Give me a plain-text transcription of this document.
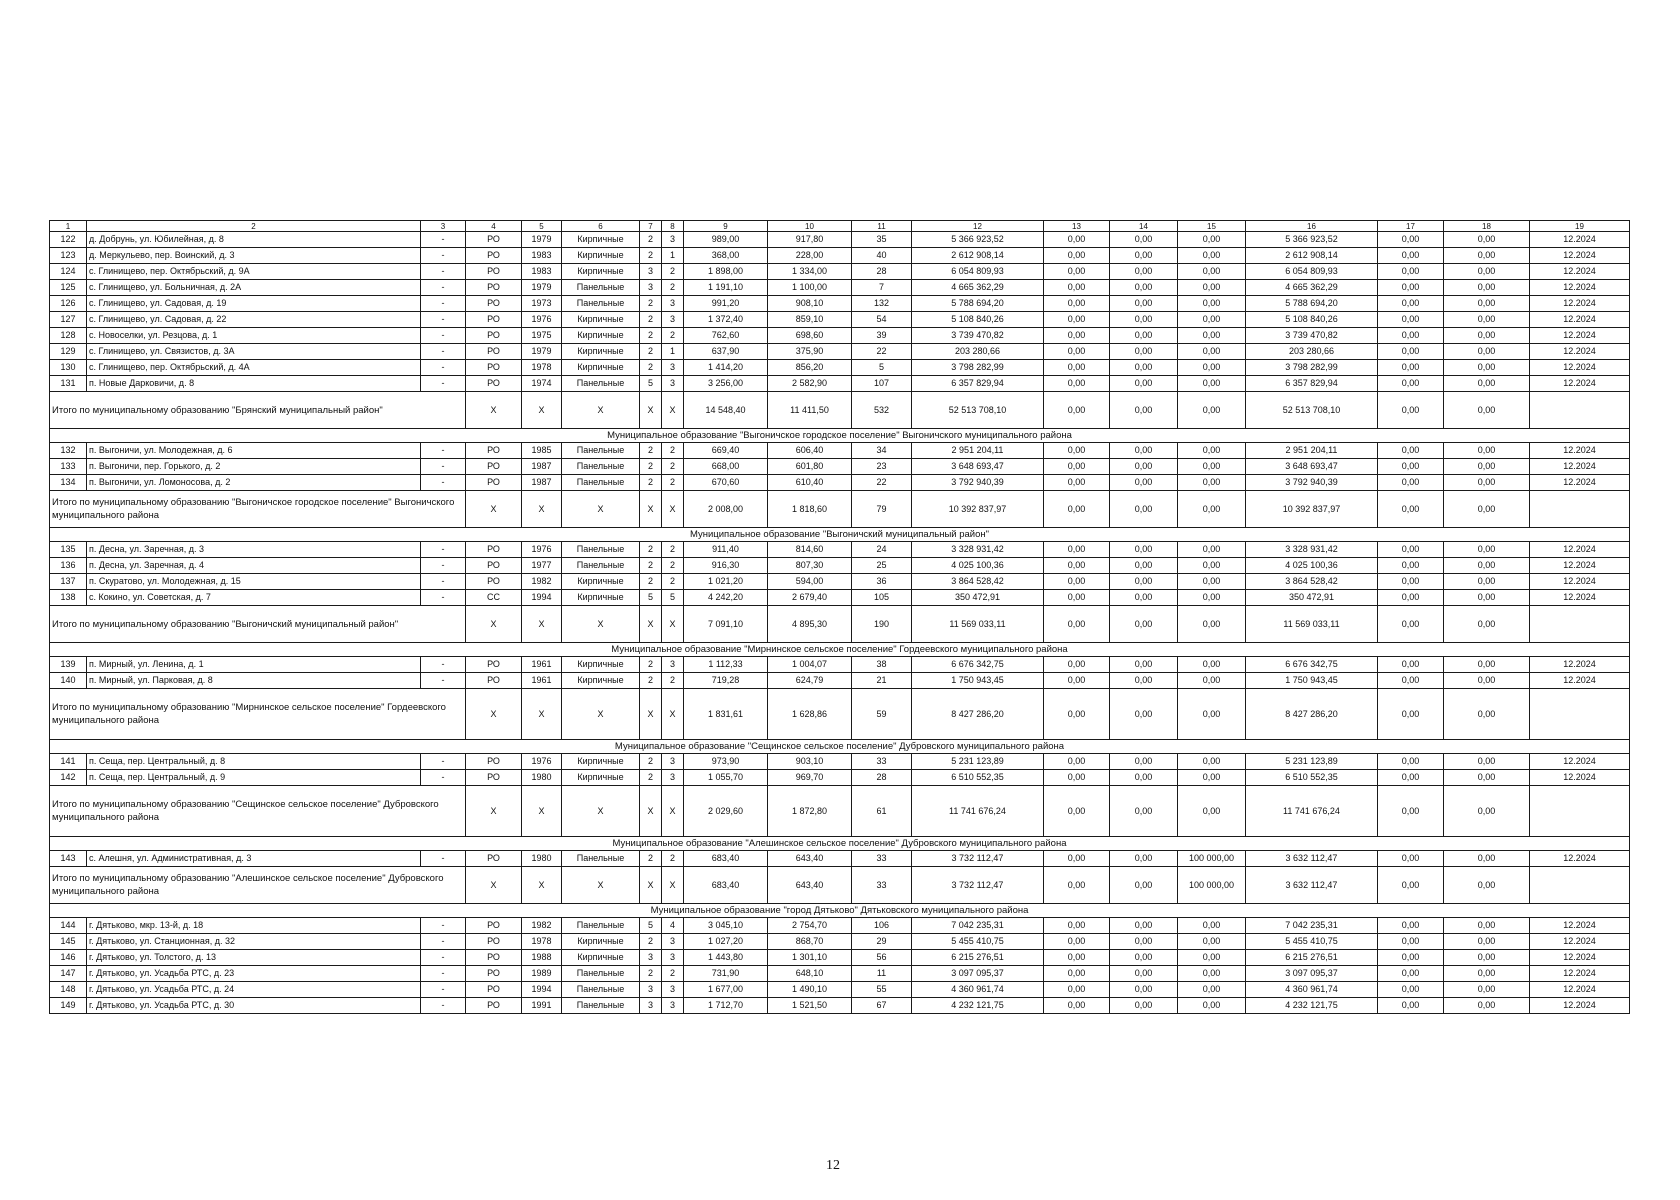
1	2	3	4	5	6	7	8	9	10	11	12	13	14	15	16	17	18	19
122	д. Добрунь, ул. Юбилейная, д. 8	-	РО	1979	Кирпичные	2	3	989,00	917,80	35	5 366 923,52	0,00	0,00	0,00	5 366 923,52	0,00	0,00	12.2024
123	д. Меркульево, пер. Воинский, д. 3	-	РО	1983	Кирпичные	2	1	368,00	228,00	40	2 612 908,14	0,00	0,00	0,00	2 612 908,14	0,00	0,00	12.2024
124	с. Глинищево, пер. Октябрьский, д. 9А	-	РО	1983	Кирпичные	3	2	1 898,00	1 334,00	28	6 054 809,93	0,00	0,00	0,00	6 054 809,93	0,00	0,00	12.2024
125	с. Глинищево, ул. Больничная, д. 2А	-	РО	1979	Панельные	3	2	1 191,10	1 100,00	7	4 665 362,29	0,00	0,00	0,00	4 665 362,29	0,00	0,00	12.2024
126	с. Глинищево, ул. Садовая, д. 19	-	РО	1973	Панельные	2	3	991,20	908,10	132	5 788 694,20	0,00	0,00	0,00	5 788 694,20	0,00	0,00	12.2024
127	с. Глинищево, ул. Садовая, д. 22	-	РО	1976	Кирпичные	2	3	1 372,40	859,10	54	5 108 840,26	0,00	0,00	0,00	5 108 840,26	0,00	0,00	12.2024
128	с. Новоселки, ул. Резцова, д. 1	-	РО	1975	Кирпичные	2	2	762,60	698,60	39	3 739 470,82	0,00	0,00	0,00	3 739 470,82	0,00	0,00	12.2024
129	с. Глинищево, ул. Связистов, д. 3А	-	РО	1979	Кирпичные	2	1	637,90	375,90	22	203 280,66	0,00	0,00	0,00	203 280,66	0,00	0,00	12.2024
130	с. Глинищево, пер. Октябрьский, д. 4А	-	РО	1978	Кирпичные	2	3	1 414,20	856,20	5	3 798 282,99	0,00	0,00	0,00	3 798 282,99	0,00	0,00	12.2024
131	п. Новые Дарковичи, д. 8	-	РО	1974	Панельные	5	3	3 256,00	2 582,90	107	6 357 829,94	0,00	0,00	0,00	6 357 829,94	0,00	0,00	12.2024
Итого по муниципальному образованию "Брянский муниципальный район"			X	X	X	X	X	14 548,40	11 411,50	532	52 513 708,10	0,00	0,00	0,00	52 513 708,10	0,00	0,00	
Муниципальное образование "Выгоничское городское поселение" Выгоничского муниципального района																		
132	п. Выгоничи, ул. Молодежная, д. 6	-	РО	1985	Панельные	2	2	669,40	606,40	34	2 951 204,11	0,00	0,00	0,00	2 951 204,11	0,00	0,00	12.2024
133	п. Выгоничи, пер. Горького, д. 2	-	РО	1987	Панельные	2	2	668,00	601,80	23	3 648 693,47	0,00	0,00	0,00	3 648 693,47	0,00	0,00	12.2024
134	п. Выгоничи, ул. Ломоносова, д. 2	-	РО	1987	Панельные	2	2	670,60	610,40	22	3 792 940,39	0,00	0,00	0,00	3 792 940,39	0,00	0,00	12.2024
Итого по муниципальному образованию "Выгоничское городское поселение" Выгоничского муниципального района			X	X	X	X	X	2 008,00	1 818,60	79	10 392 837,97	0,00	0,00	0,00	10 392 837,97	0,00	0,00	
Муниципальное образование "Выгоничский муниципальный район"																		
135	п. Десна, ул. Заречная, д. 3	-	РО	1976	Панельные	2	2	911,40	814,60	24	3 328 931,42	0,00	0,00	0,00	3 328 931,42	0,00	0,00	12.2024
136	п. Десна, ул. Заречная, д. 4	-	РО	1977	Панельные	2	2	916,30	807,30	25	4 025 100,36	0,00	0,00	0,00	4 025 100,36	0,00	0,00	12.2024
137	п. Скуратово, ул. Молодежная, д. 15	-	РО	1982	Кирпичные	2	2	1 021,20	594,00	36	3 864 528,42	0,00	0,00	0,00	3 864 528,42	0,00	0,00	12.2024
138	с. Кокино, ул. Советская, д. 7	-	СС	1994	Кирпичные	5	5	4 242,20	2 679,40	105	350 472,91	0,00	0,00	0,00	350 472,91	0,00	0,00	12.2024
Итого по муниципальному образованию "Выгоничский муниципальный район"			X	X	X	X	X	7 091,10	4 895,30	190	11 569 033,11	0,00	0,00	0,00	11 569 033,11	0,00	0,00	
Муниципальное образование "Мирнинское сельское поселение" Гордеевского муниципального района																		
139	п. Мирный, ул. Ленина, д. 1	-	РО	1961	Кирпичные	2	3	1 112,33	1 004,07	38	6 676 342,75	0,00	0,00	0,00	6 676 342,75	0,00	0,00	12.2024
140	п. Мирный, ул. Парковая, д. 8	-	РО	1961	Кирпичные	2	2	719,28	624,79	21	1 750 943,45	0,00	0,00	0,00	1 750 943,45	0,00	0,00	12.2024
Итого по муниципальному образованию "Мирнинское сельское поселение" Гордеевского муниципального района			X	X	X	X	X	1 831,61	1 628,86	59	8 427 286,20	0,00	0,00	0,00	8 427 286,20	0,00	0,00	
Муниципальное образование "Сещинское сельское поселение" Дубровского муниципального района																		
141	п. Сеща, пер. Центральный, д. 8	-	РО	1976	Кирпичные	2	3	973,90	903,10	33	5 231 123,89	0,00	0,00	0,00	5 231 123,89	0,00	0,00	12.2024
142	п. Сеща, пер. Центральный, д. 9	-	РО	1980	Кирпичные	2	3	1 055,70	969,70	28	6 510 552,35	0,00	0,00	0,00	6 510 552,35	0,00	0,00	12.2024
Итого по муниципальному образованию "Сещинское сельское поселение" Дубровского муниципального района			X	X	X	X	X	2 029,60	1 872,80	61	11 741 676,24	0,00	0,00	0,00	11 741 676,24	0,00	0,00	
Муниципальное образование "Алешинское сельское поселение" Дубровского муниципального района																		
143	с. Алешня, ул. Административная, д. 3	-	РО	1980	Панельные	2	2	683,40	643,40	33	3 732 112,47	0,00	0,00	100 000,00	3 632 112,47	0,00	0,00	12.2024
Итого по муниципальному образованию "Алешинское сельское поселение" Дубровского муниципального района			X	X	X	X	X	683,40	643,40	33	3 732 112,47	0,00	0,00	100 000,00	3 632 112,47	0,00	0,00	
Муниципальное образование "город Дятьково" Дятьковского муниципального района																		
144	г. Дятьково, мкр. 13-й, д. 18	-	РО	1982	Панельные	5	4	3 045,10	2 754,70	106	7 042 235,31	0,00	0,00	0,00	7 042 235,31	0,00	0,00	12.2024
145	г. Дятьково, ул. Станционная, д. 32	-	РО	1978	Кирпичные	2	3	1 027,20	868,70	29	5 455 410,75	0,00	0,00	0,00	5 455 410,75	0,00	0,00	12.2024
146	г. Дятьково, ул. Толстого, д. 13	-	РО	1988	Кирпичные	3	3	1 443,80	1 301,10	56	6 215 276,51	0,00	0,00	0,00	6 215 276,51	0,00	0,00	12.2024
147	г. Дятьково, ул. Усадьба РТС, д. 23	-	РО	1989	Панельные	2	2	731,90	648,10	11	3 097 095,37	0,00	0,00	0,00	3 097 095,37	0,00	0,00	12.2024
148	г. Дятьково, ул. Усадьба РТС, д. 24	-	РО	1994	Панельные	3	3	1 677,00	1 490,10	55	4 360 961,74	0,00	0,00	0,00	4 360 961,74	0,00	0,00	12.2024
149	г. Дятьково, ул. Усадьба РТС, д. 30	-	РО	1991	Панельные	3	3	1 712,70	1 521,50	67	4 232 121,75	0,00	0,00	0,00	4 232 121,75	0,00	0,00	12.2024
12
